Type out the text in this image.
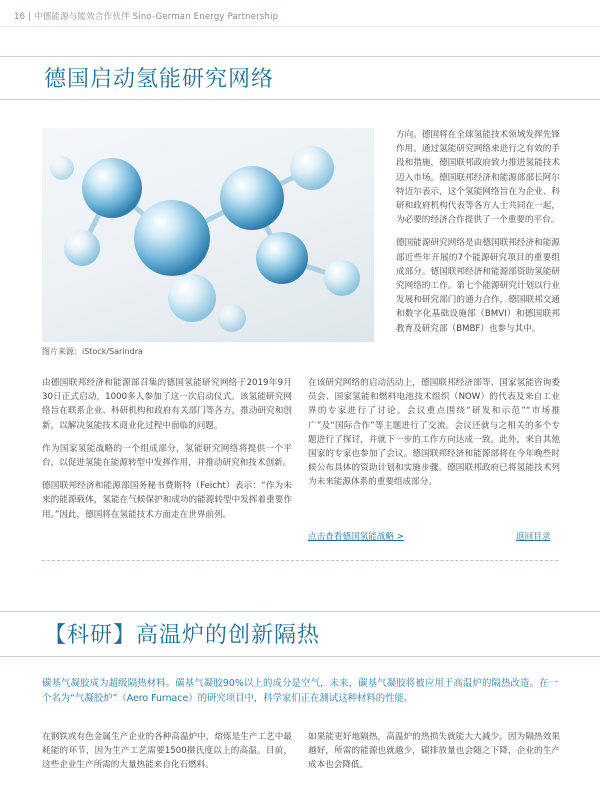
16 | 中德能源与能效合作伙伴 Sino-German Energy Partnership
德国启动氢能研究网络
图片来源：iStock/Sarindra

方向。德国将在全球氢能技术领域发挥先锋作用。通过氢能研究网络来进行之有效的手段和措施，德国联邦政府致力推进氢能技术迈入市场。德国联邦经济和能源部部长阿尔特迈尔表示，这个氢能网络旨在为企业、科研和政府机构代表等各方人士共同在一起，为必要的经济合作提供了一个重要的平台。

德国能源研究网络是由德国联邦经济和能源部近些年开展的7个能源研究项目的重要组成部分。德国联邦经济和能源部资助氢能研究网络的工作。第七个能源研究计划以行业发展和研究部门的通力合作，德国联邦交通和数字化基础设施部（BMVI）和德国联邦教育及研究部（BMBF）也参与其中。

由德国联邦经济和能源部召集的德国氢能研究网络于2019年9月30日正式启动，1000多人参加了这一次启动仪式。该氢能研究网络旨在联系企业、科研机构和政府有关部门等各方，推动研究和创新，以解决氢能技术商业化过程中面临的问题。

作为国家氢能战略的一个组成部分，氢能研究网络将提供一个平台，以促进氢能在能源转型中发挥作用，并推动研究和技术创新。

德国联邦经济和能源部国务秘书费斯特（Feicht）表示：“作为未来的能源载体，氢能在气候保护和成功的能源转型中发挥着重要作用。”因此，德国将在氢能技术方面走在世界前列。

在该研究网络的启动活动上，德国联邦经济部等、国家氢能咨询委员会、国家氢能和燃料电池技术组织（NOW）的代表及来自工业界的专家进行了讨论。会议重点围绕“研发和示范”“市场推广”及“国际合作”等主题进行了交流。会议还就与之相关的多个专题进行了探讨，并就下一步的工作方向达成一致。此外，来自其他国家的专家也参加了会议。德国联邦经济和能源部将在今年晚些时候公布具体的资助计划和实施步骤。德国联邦政府已将氢能技术列为未来能源体系的重要组成部分。

点击查看德国氢能战略 >	返回目录
【科研】高温炉的创新隔热
碳基气凝胶成为超级隔热材料。碳基气凝胶90%以上的成分是空气，未来，碳基气凝胶将被应用于高温炉的隔热改造。在一个名为“气凝胶炉”（Aero Furnace）的研究项目中，科学家们正在测试这种材料的性能。
在钢铁或有色金属生产企业的各种高温炉中，熔炼是生产工艺中最耗能的环节，因为生产工艺需要1500摄氏度以上的高温。目前，这些企业生产所需的大量热能来自化石燃料。
如果能更好地隔热，高温炉的热损失就能大大减少。因为隔热效果越好，所需的能源也就越少，碳排放量也会随之下降，企业的生产成本也会降低。
